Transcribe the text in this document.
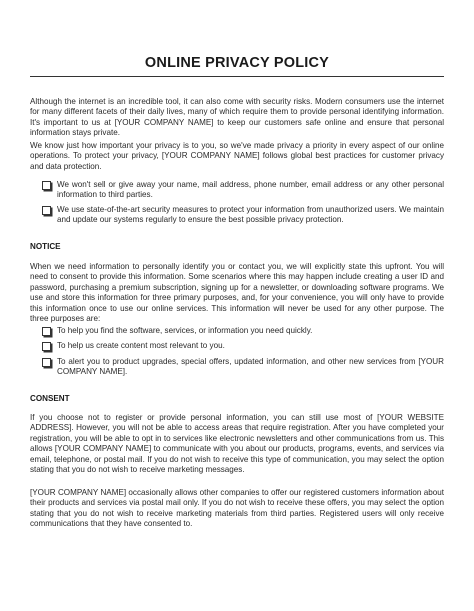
ONLINE PRIVACY POLICY
Although the internet is an incredible tool, it can also come with security risks. Modern consumers use the internet for many different facets of their daily lives, many of which require them to provide personal identifying information. It's important to us at [YOUR COMPANY NAME] to keep our customers safe online and ensure that personal information stays private.
We know just how important your privacy is to you, so we've made privacy a priority in every aspect of our online operations. To protect your privacy, [YOUR COMPANY NAME] follows global best practices for customer privacy and data protection.
We won't sell or give away your name, mail address, phone number, email address or any other personal information to third parties.
We use state-of-the-art security measures to protect your information from unauthorized users. We maintain and update our systems regularly to ensure the best possible privacy protection.
NOTICE
When we need information to personally identify you or contact you, we will explicitly state this upfront. You will need to consent to provide this information. Some scenarios where this may happen include creating a user ID and password, purchasing a premium subscription, signing up for a newsletter, or downloading software programs. We use and store this information for three primary purposes, and, for your convenience, you will only have to provide this information once to use our online services. This information will never be used for any other purpose. The three purposes are:
To help you find the software, services, or information you need quickly.
To help us create content most relevant to you.
To alert you to product upgrades, special offers, updated information, and other new services from [YOUR COMPANY NAME].
CONSENT
If you choose not to register or provide personal information, you can still use most of [YOUR WEBSITE ADDRESS]. However, you will not be able to access areas that require registration. After you have completed your registration, you will be able to opt in to services like electronic newsletters and other communications from us. This allows [YOUR COMPANY NAME] to communicate with you about our products, programs, events, and services via email, telephone, or postal mail. If you do not wish to receive this type of communication, you may select the option stating that you do not wish to receive marketing messages.
[YOUR COMPANY NAME] occasionally allows other companies to offer our registered customers information about their products and services via postal mail only. If you do not wish to receive these offers, you may select the option stating that you do not wish to receive marketing materials from third parties. Registered users will only receive communications that they have consented to.
